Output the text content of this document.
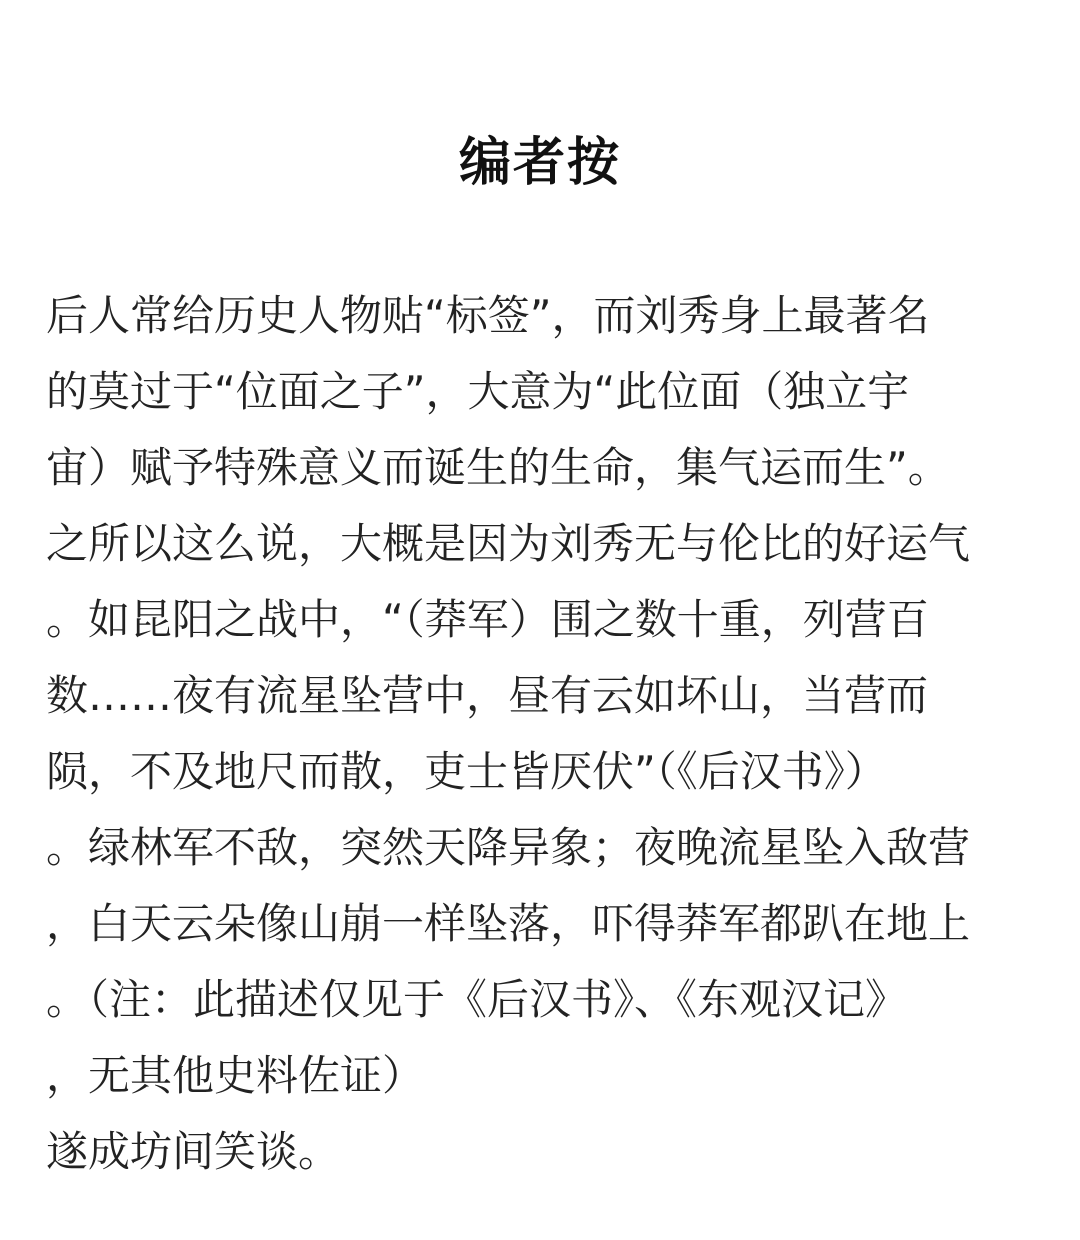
编者按
后人常给历史人物贴“标签”，而刘秀身上最著名
的莫过于“位面之子”，大意为“此位面（独立宇
宙）赋予特殊意义而诞生的生命，集气运而生”。
之所以这么说，大概是因为刘秀无与伦比的好运气
。如昆阳之战中，“（莽军）围之数十重，列营百
数……夜有流星坠营中，昼有云如坏山，当营而
陨，不及地尺而散，吏士皆厌伏”（《后汉书》）
。绿林军不敌，突然天降异象；夜晚流星坠入敌营
，白天云朵像山崩一样坠落，吓得莽军都趴在地上
。（注：此描述仅见于《后汉书》、《东观汉记》
，无其他史料佐证）
遂成坊间笑谈。
